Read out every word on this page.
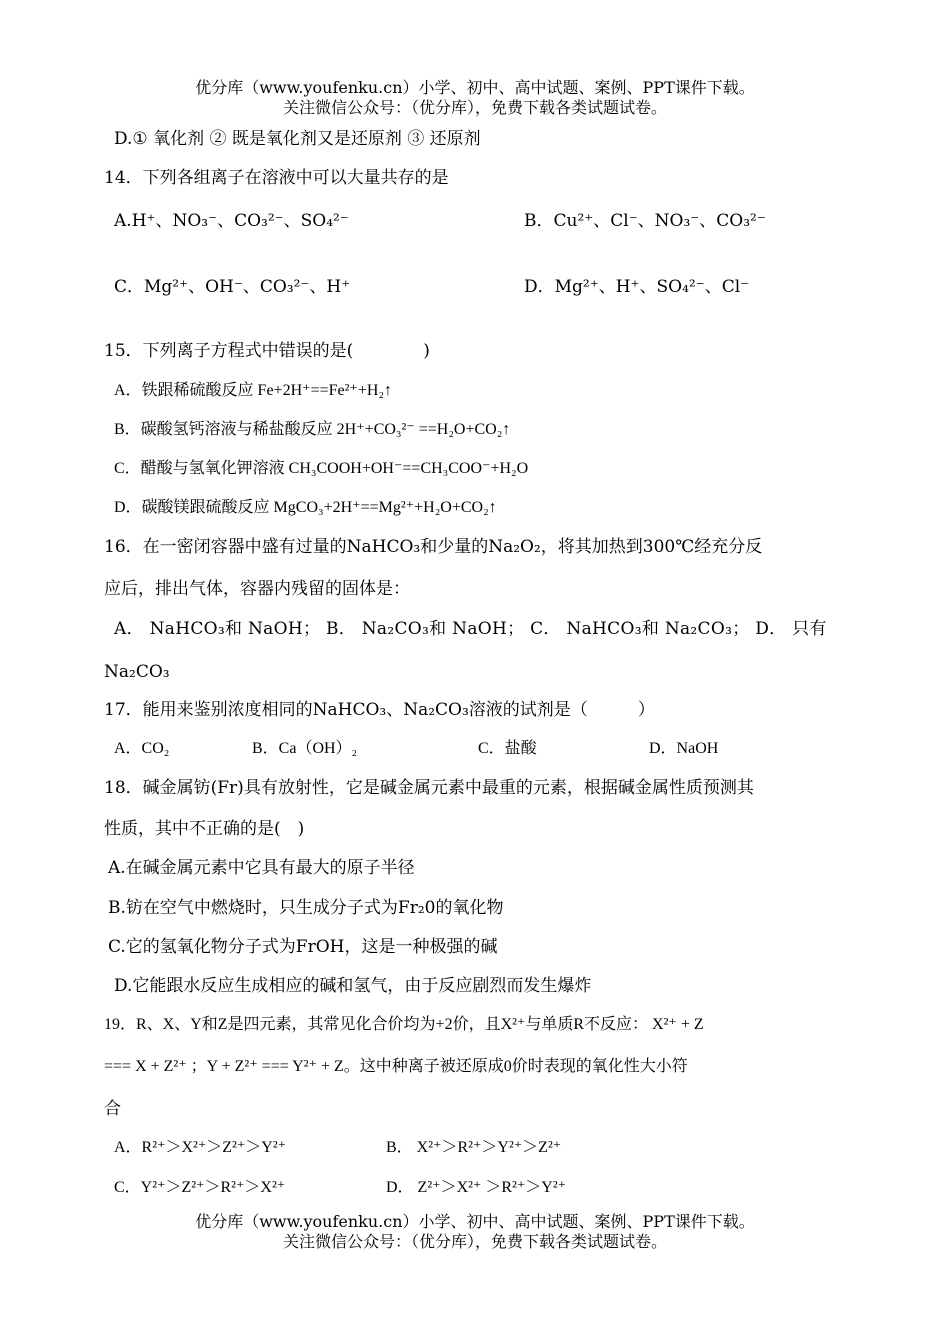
优分库（www.youfenku.cn）小学、初中、高中试题、案例、PPT课件下载。
关注微信公众号：（优分库），免费下载各类试题试卷。
D.① 氧化剂 ② 既是氧化剂又是还原剂 ③ 还原剂
14．下列各组离子在溶液中可以大量共存的是
A.H⁺、NO₃⁻、CO₃²⁻、SO₄²⁻	B．Cu²⁺、Cl⁻、NO₃⁻、CO₃²⁻
C．Mg²⁺、OH⁻、CO₃²⁻、H⁺	D．Mg²⁺、H⁺、SO₄²⁻、Cl⁻
15．下列离子方程式中错误的是(	)
A．铁跟稀硫酸反应 Fe+2H⁺==Fe²⁺+H₂↑
B．碳酸氢钙溶液与稀盐酸反应 2H⁺+CO₃²⁻ ==H₂O+CO₂↑
C．醋酸与氢氧化钾溶液 CH₃COOH+OH⁻==CH₃COO⁻+H₂O
D．碳酸镁跟硫酸反应 MgCO₃+2H⁺==Mg²⁺+H₂O+CO₂↑
16．在一密闭容器中盛有过量的NaHCO₃和少量的Na₂O₂，将其加热到300℃经充分反
应后，排出气体，容器内残留的固体是：
A． NaHCO₃和 NaOH； B． Na₂CO₃和 NaOH； C． NaHCO₃和 Na₂CO₃； D． 只有
Na₂CO₃
17．能用来鉴别浓度相同的NaHCO₃、Na₂CO₃溶液的试剂是（	）
A．CO₂	B．Ca（OH）₂	C．盐酸	D．NaOH
18．碱金属钫(Fr)具有放射性，它是碱金属元素中最重的元素，根据碱金属性质预测其
性质，其中不正确的是(　)
A.在碱金属元素中它具有最大的原子半径
B.钫在空气中燃烧时，只生成分子式为Fr₂0的氧化物
C.它的氢氧化物分子式为FrOH，这是一种极强的碱
D.它能跟水反应生成相应的碱和氢气，由于反应剧烈而发生爆炸
19．R、X、Y和Z是四元素，其常见化合价均为+2价，且X²⁺与单质R不反应： X²⁺ + Z
=== X + Z²⁺ ；Y + Z²⁺ === Y²⁺ + Z。这中种离子被还原成0价时表现的氧化性大小符
合
A．R²⁺＞X²⁺＞Z²⁺＞Y²⁺	B． X²⁺＞R²⁺＞Y²⁺＞Z²⁺
C．Y²⁺＞Z²⁺＞R²⁺＞X²⁺	D． Z²⁺＞X²⁺ ＞R²⁺＞Y²⁺
优分库（www.youfenku.cn）小学、初中、高中试题、案例、PPT课件下载。
关注微信公众号：（优分库），免费下载各类试题试卷。
